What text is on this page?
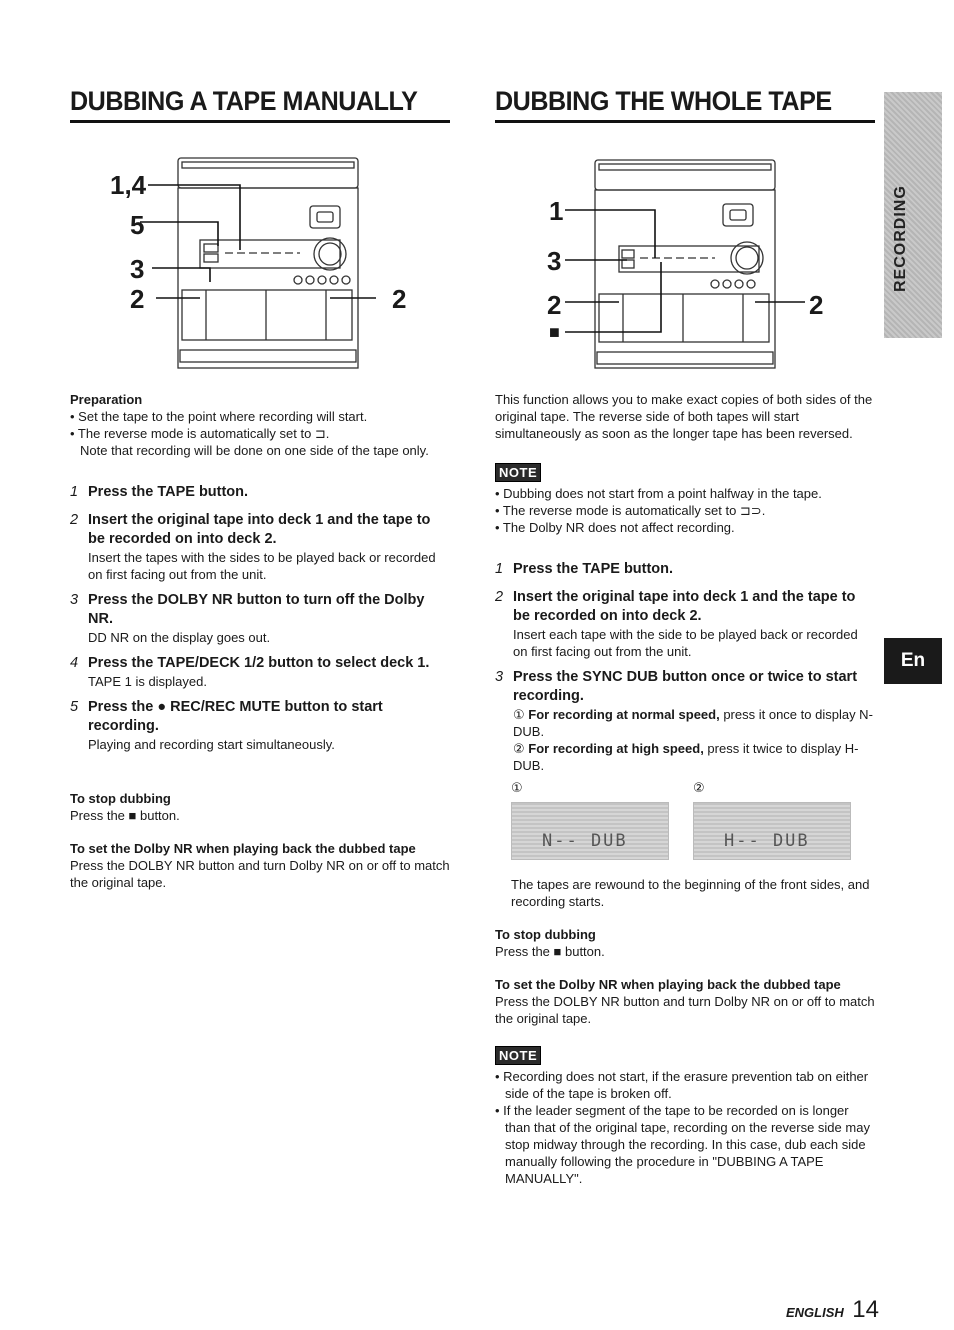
DUBBING A TAPE MANUALLY	DUBBING THE WHOLE TAPE
1,4
5
3
2	2
1
3
2
■
2
RECORDING
En

Preparation

• Set the tape to the point where recording will start.

• The reverse mode is automatically set to ⊐.

Note that recording will be done on one side of the tape only.

1 Press the TAPE button.
2 Insert the original tape into deck 1 and the tape to be recorded on into deck 2.

Insert the tapes with the sides to be played back or recorded on first facing out from the unit.

3 Press the DOLBY NR button to turn off the Dolby NR.

DD NR on the display goes out.

4 Press the TAPE/DECK 1/2 button to select deck 1.

TAPE 1 is displayed.

5 Press the ● REC/REC MUTE button to start recording.

Playing and recording start simultaneously.

To stop dubbing

Press the ■ button.

To set the Dolby NR when playing back the dubbed tape

Press the DOLBY NR button and turn Dolby NR on or off to match the original tape.

This function allows you to make exact copies of both sides of the original tape. The reverse side of both tapes will start simultaneously as soon as the longer tape has been reversed.

NOTE

• Dubbing does not start from a point halfway in the tape.

• The reverse mode is automatically set to ⊐⊃.

• The Dolby NR does not affect recording.

1 Press the TAPE button.
2 Insert the original tape into deck 1 and the tape to be recorded on into deck 2.

Insert each tape with the side to be played back or recorded on first facing out from the unit.

3 Press the SYNC DUB button once or twice to start recording.

① For recording at normal speed, press it once to display N-DUB.

② For recording at high speed, press it twice to display H-DUB.

①	②
N-- DUB	H-- DUB

The tapes are rewound to the beginning of the front sides, and recording starts.

To stop dubbing

Press the ■ button.

To set the Dolby NR when playing back the dubbed tape

Press the DOLBY NR button and turn Dolby NR on or off to match the original tape.

NOTE

• Recording does not start, if the erasure prevention tab on either side of the tape is broken off.

• If the leader segment of the tape to be recorded on is longer than that of the original tape, recording on the reverse side may stop midway through the recording. In this case, dub each side manually following the procedure in "DUBBING A TAPE MANUALLY".

ENGLISH 14
